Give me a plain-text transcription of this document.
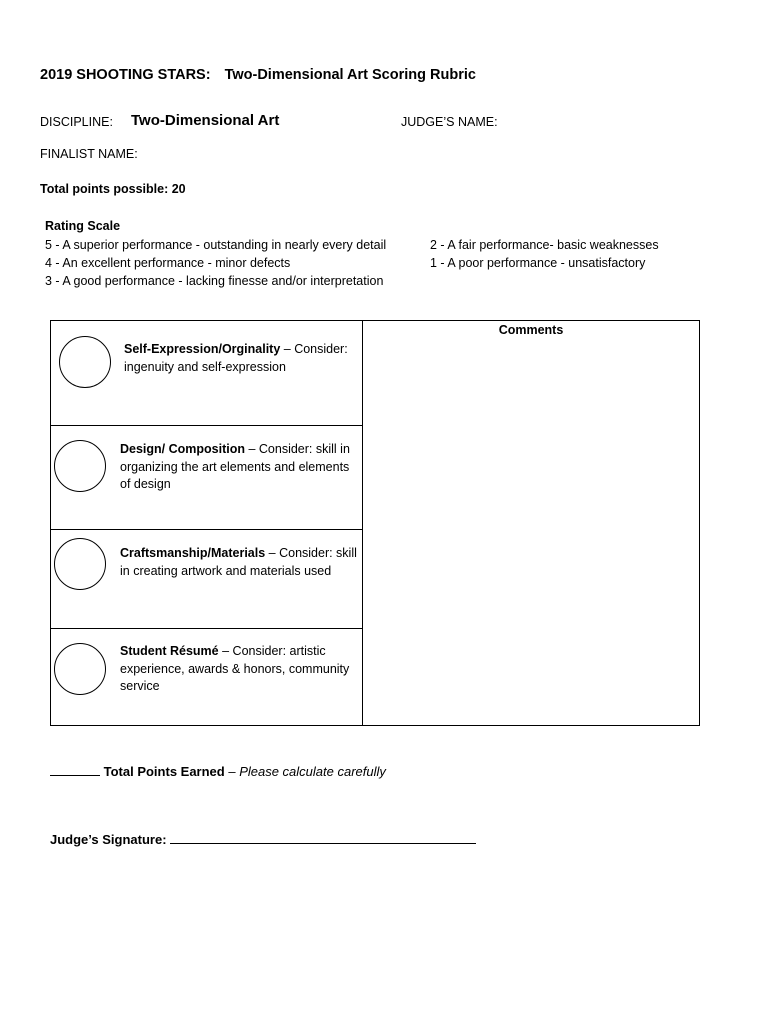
2019 SHOOTING STARS: Two-Dimensional Art Scoring Rubric
DISCIPLINE: Two-Dimensional Art	JUDGE’S NAME:
FINALIST NAME:
Total points possible: 20
Rating Scale
5 - A superior performance - outstanding in nearly every detail
4 - An excellent performance - minor defects
3 - A good performance - lacking finesse and/or interpretation
2 - A fair performance- basic weaknesses
1 - A poor performance - unsatisfactory
Comments
Self-Expression/Orginality – Consider: ingenuity and self-expression
Design/ Composition – Consider: skill in organizing the art elements and elements of design
Craftsmanship/Materials – Consider: skill in creating artwork and materials used
Student Résumé – Consider: artistic experience, awards & honors, community service
Total Points Earned – Please calculate carefully
Judge’s Signature:
